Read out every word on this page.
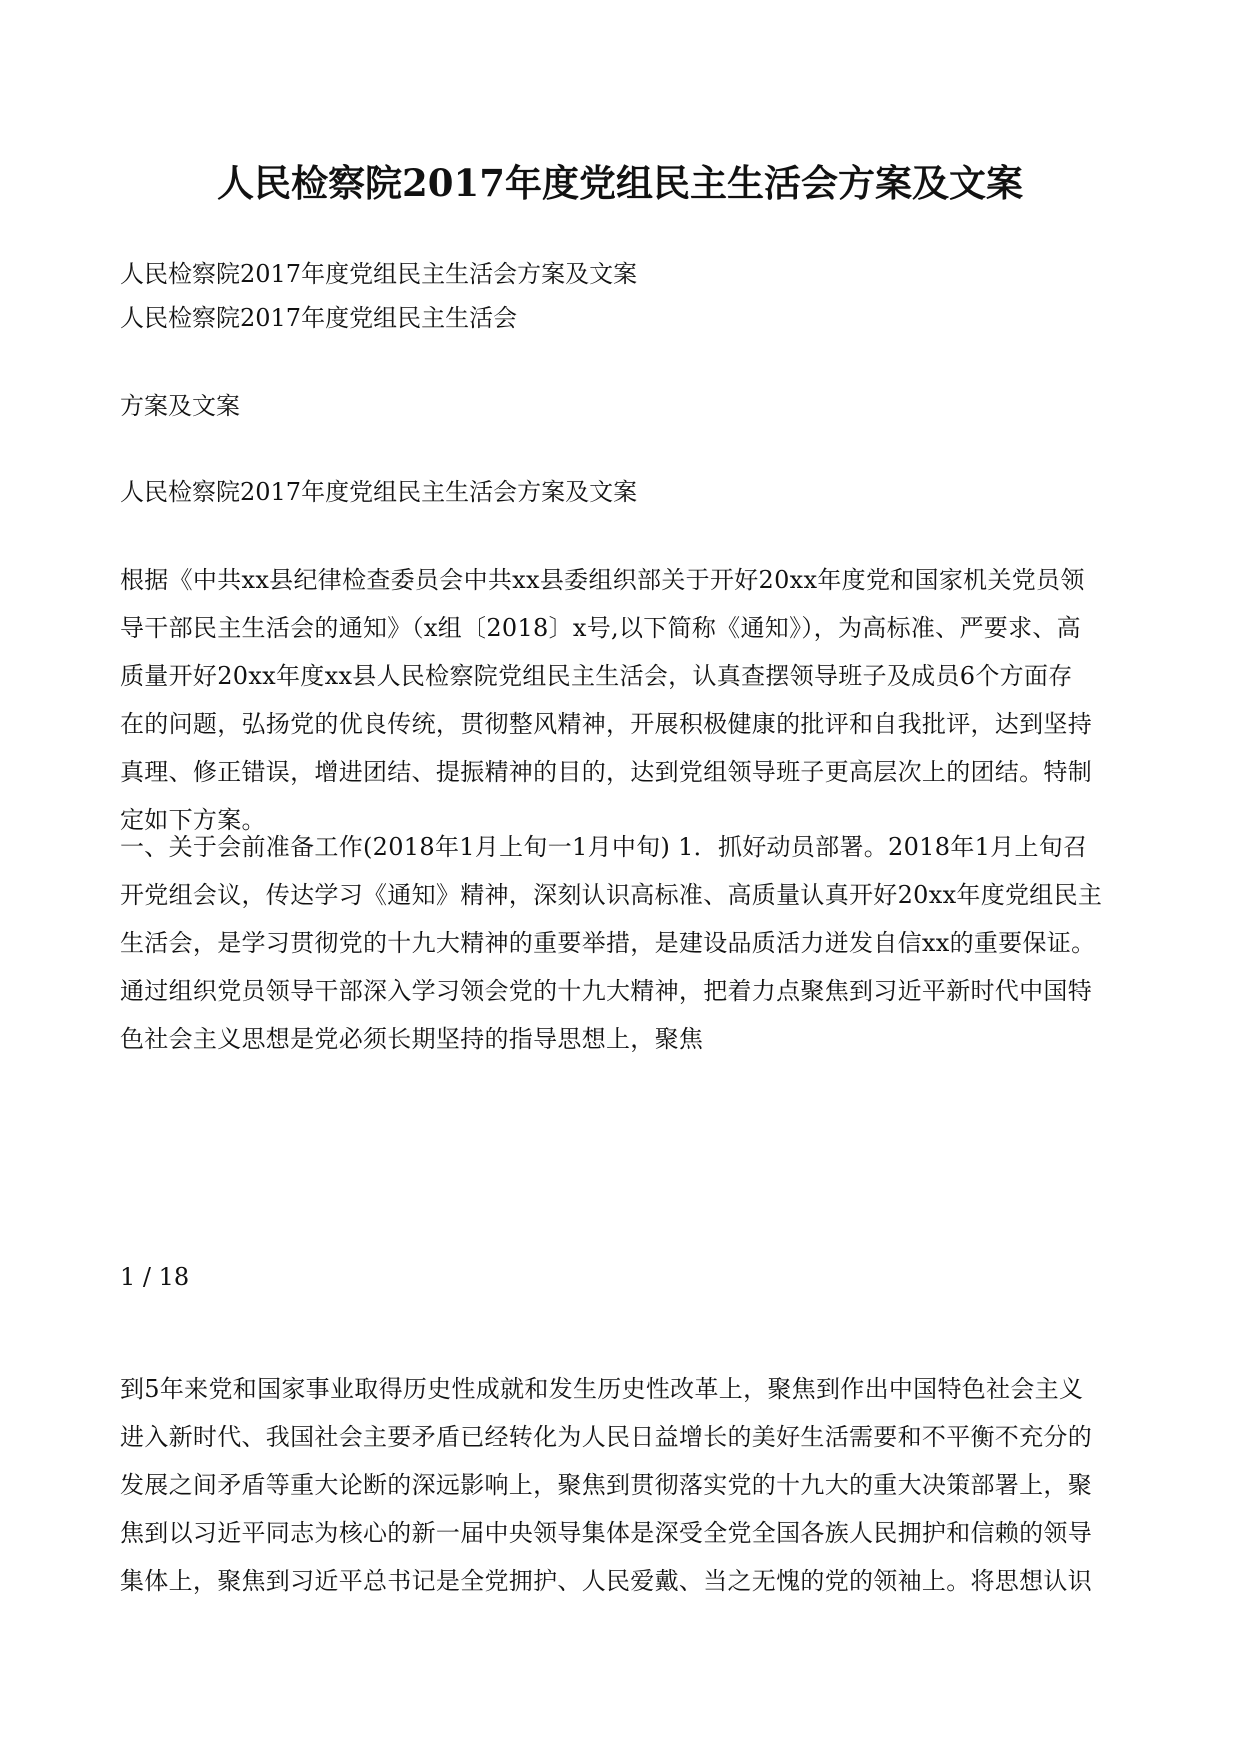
人民检察院2017年度党组民主生活会方案及文案
人民检察院2017年度党组民主生活会方案及文案
人民检察院2017年度党组民主生活会
方案及文案
人民检察院2017年度党组民主生活会方案及文案
根据《中共xx县纪律检查委员会中共xx县委组织部关于开好20xx年度党和国家机关党员领
导干部民主生活会的通知》（x组〔2018〕x号,以下简称《通知》），为高标准、严要求、高
质量开好20xx年度xx县人民检察院党组民主生活会，认真查摆领导班子及成员6个方面存
在的问题，弘扬党的优良传统，贯彻整风精神，开展积极健康的批评和自我批评，达到坚持
真理、修正错误，增进团结、提振精神的目的，达到党组领导班子更高层次上的团结。特制
定如下方案。
一、关于会前准备工作(2018年1月上旬一1月中旬) 1．抓好动员部署。2018年1月上旬召
开党组会议，传达学习《通知》精神，深刻认识高标准、高质量认真开好20xx年度党组民主
生活会，是学习贯彻党的十九大精神的重要举措，是建设品质活力迸发自信xx的重要保证。
通过组织党员领导干部深入学习领会党的十九大精神，把着力点聚焦到习近平新时代中国特
色社会主义思想是党必须长期坚持的指导思想上，聚焦
1 / 18
到5年来党和国家事业取得历史性成就和发生历史性改革上，聚焦到作出中国特色社会主义
进入新时代、我国社会主要矛盾已经转化为人民日益增长的美好生活需要和不平衡不充分的
发展之间矛盾等重大论断的深远影响上，聚焦到贯彻落实党的十九大的重大决策部署上，聚
焦到以习近平同志为核心的新一届中央领导集体是深受全党全国各族人民拥护和信赖的领导
集体上，聚焦到习近平总书记是全党拥护、人民爱戴、当之无愧的党的领袖上。将思想认识
